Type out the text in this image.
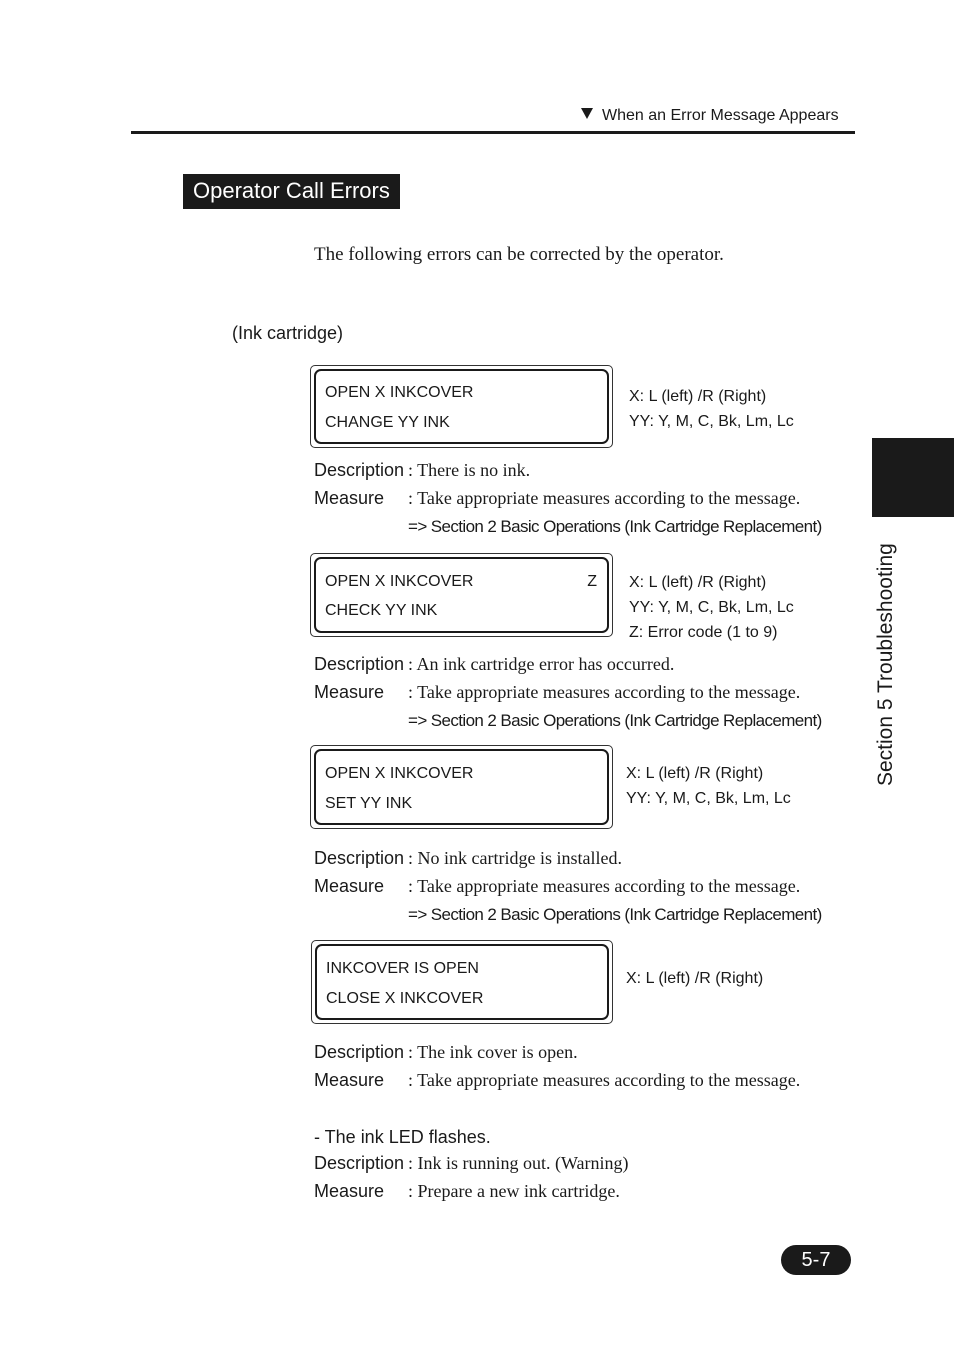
When an Error Message Appears
Section 5 Troubleshooting
Operator Call Errors
The following errors can be corrected by the operator.
(Ink cartridge)
OPEN X INKCOVER
CHANGE YY INK
X: L (left) /R (Right)
YY: Y, M, C, Bk, Lm, Lc
Description : There is no ink.
Measure : Take appropriate measures according to the message.
=> Section 2 Basic Operations (Ink Cartridge Replacement)
OPEN X INKCOVER	Z
CHECK YY INK
X: L (left) /R (Right)
YY: Y, M, C, Bk, Lm, Lc
Z: Error code (1 to 9)
Description : An ink cartridge error has occurred.
Measure : Take appropriate measures according to the message.
=> Section 2 Basic Operations (Ink Cartridge Replacement)
OPEN X INKCOVER
SET YY INK
X: L (left) /R (Right)
YY: Y, M, C, Bk, Lm, Lc
Description : No ink cartridge is installed.
Measure : Take appropriate measures according to the message.
=> Section 2 Basic Operations (Ink Cartridge Replacement)
INKCOVER IS OPEN
CLOSE X INKCOVER
X: L (left) /R (Right)
Description : The ink cover is open.
Measure : Take appropriate measures according to the message.
- The ink LED flashes.
Description : Ink is running out. (Warning)
Measure : Prepare a new ink cartridge.
5-7
